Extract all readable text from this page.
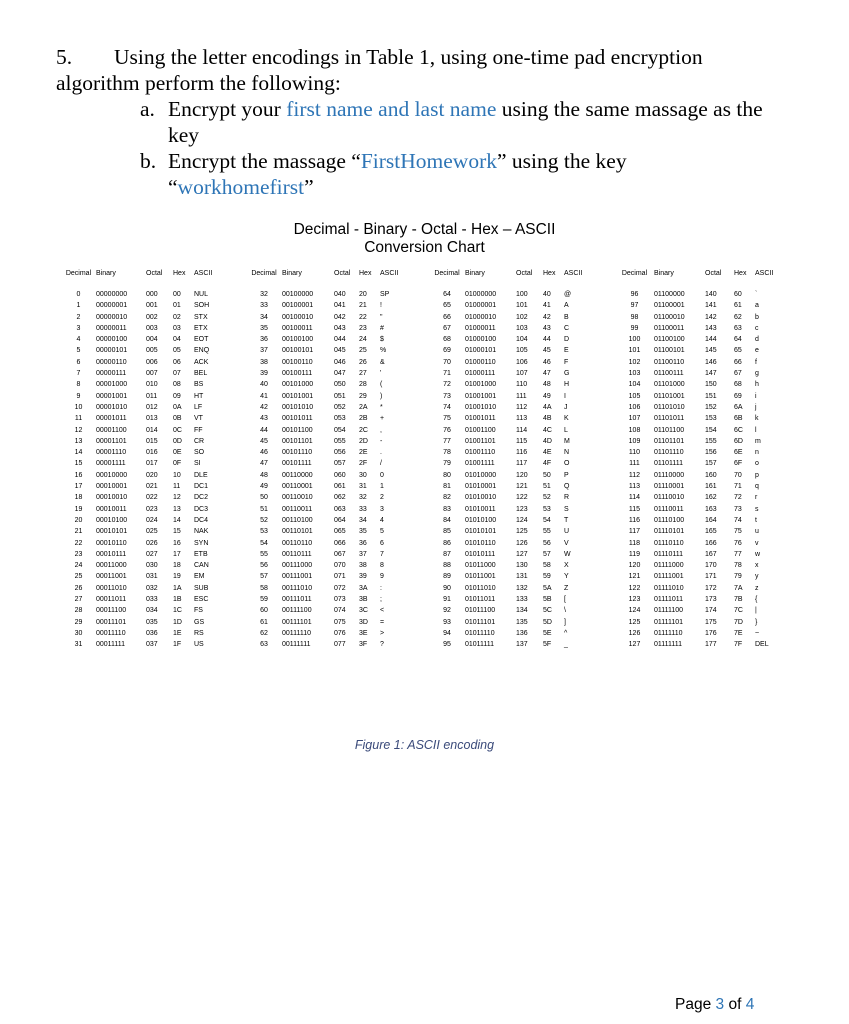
5. Using the letter encodings in Table 1, using one-time pad encryption
algorithm perform the following:
a. Encrypt your first name and last name using the same massage as the
key
b. Encrypt the massage “FirstHomework” using the key
“workhomefirst”
Decimal - Binary - Octal - Hex – ASCII
Conversion Chart
Decimal	Binary	Octal	Hex	ASCII	Decimal	Binary	Octal	Hex	ASCII	Decimal	Binary	Octal	Hex	ASCII	Decimal	Binary	Octal	Hex	ASCII
0	00000000	000	00	NUL	32	00100000	040	20	SP	64	01000000	100	40	@	96	01100000	140	60	`
1	00000001	001	01	SOH	33	00100001	041	21	!	65	01000001	101	41	A	97	01100001	141	61	a
2	00000010	002	02	STX	34	00100010	042	22	"	66	01000010	102	42	B	98	01100010	142	62	b
3	00000011	003	03	ETX	35	00100011	043	23	#	67	01000011	103	43	C	99	01100011	143	63	c
4	00000100	004	04	EOT	36	00100100	044	24	$	68	01000100	104	44	D	100	01100100	144	64	d
5	00000101	005	05	ENQ	37	00100101	045	25	%	69	01000101	105	45	E	101	01100101	145	65	e
6	00000110	006	06	ACK	38	00100110	046	26	&	70	01000110	106	46	F	102	01100110	146	66	f
7	00000111	007	07	BEL	39	00100111	047	27	'	71	01000111	107	47	G	103	01100111	147	67	g
8	00001000	010	08	BS	40	00101000	050	28	(	72	01001000	110	48	H	104	01101000	150	68	h
9	00001001	011	09	HT	41	00101001	051	29	)	73	01001001	111	49	I	105	01101001	151	69	i
10	00001010	012	0A	LF	42	00101010	052	2A	*	74	01001010	112	4A	J	106	01101010	152	6A	j
11	00001011	013	0B	VT	43	00101011	053	2B	+	75	01001011	113	4B	K	107	01101011	153	6B	k
12	00001100	014	0C	FF	44	00101100	054	2C	,	76	01001100	114	4C	L	108	01101100	154	6C	l
13	00001101	015	0D	CR	45	00101101	055	2D	-	77	01001101	115	4D	M	109	01101101	155	6D	m
14	00001110	016	0E	SO	46	00101110	056	2E	.	78	01001110	116	4E	N	110	01101110	156	6E	n
15	00001111	017	0F	SI	47	00101111	057	2F	/	79	01001111	117	4F	O	111	01101111	157	6F	o
16	00010000	020	10	DLE	48	00110000	060	30	0	80	01010000	120	50	P	112	01110000	160	70	p
17	00010001	021	11	DC1	49	00110001	061	31	1	81	01010001	121	51	Q	113	01110001	161	71	q
18	00010010	022	12	DC2	50	00110010	062	32	2	82	01010010	122	52	R	114	01110010	162	72	r
19	00010011	023	13	DC3	51	00110011	063	33	3	83	01010011	123	53	S	115	01110011	163	73	s
20	00010100	024	14	DC4	52	00110100	064	34	4	84	01010100	124	54	T	116	01110100	164	74	t
21	00010101	025	15	NAK	53	00110101	065	35	5	85	01010101	125	55	U	117	01110101	165	75	u
22	00010110	026	16	SYN	54	00110110	066	36	6	86	01010110	126	56	V	118	01110110	166	76	v
23	00010111	027	17	ETB	55	00110111	067	37	7	87	01010111	127	57	W	119	01110111	167	77	w
24	00011000	030	18	CAN	56	00111000	070	38	8	88	01011000	130	58	X	120	01111000	170	78	x
25	00011001	031	19	EM	57	00111001	071	39	9	89	01011001	131	59	Y	121	01111001	171	79	y
26	00011010	032	1A	SUB	58	00111010	072	3A	:	90	01011010	132	5A	Z	122	01111010	172	7A	z
27	00011011	033	1B	ESC	59	00111011	073	3B	;	91	01011011	133	5B	[	123	01111011	173	7B	{
28	00011100	034	1C	FS	60	00111100	074	3C	<	92	01011100	134	5C	\	124	01111100	174	7C	|
29	00011101	035	1D	GS	61	00111101	075	3D	=	93	01011101	135	5D	]	125	01111101	175	7D	}
30	00011110	036	1E	RS	62	00111110	076	3E	>	94	01011110	136	5E	^	126	01111110	176	7E	~
31	00011111	037	1F	US	63	00111111	077	3F	?	95	01011111	137	5F	_	127	01111111	177	7F	DEL
Figure 1: ASCII encoding
Page 3 of 4
